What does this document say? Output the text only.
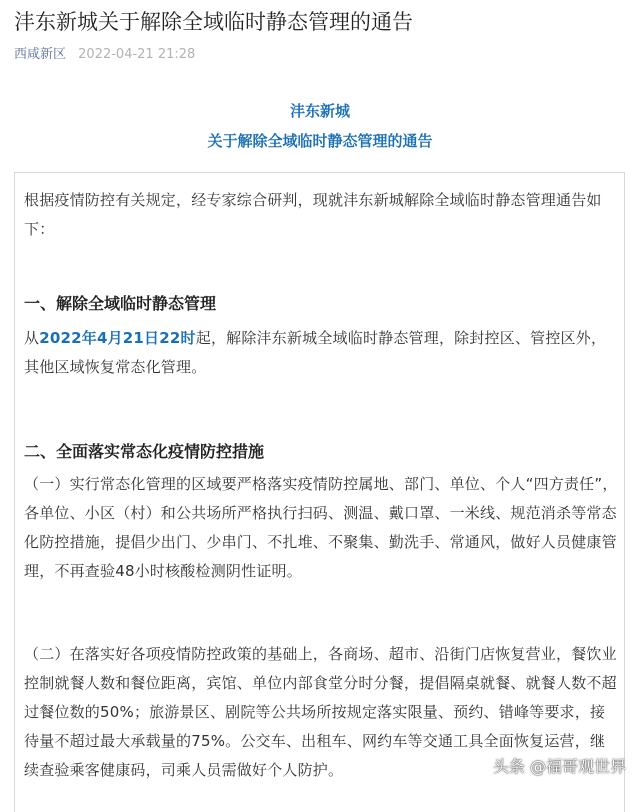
沣东新城关于解除全域临时静态管理的通告
西咸新区 2022-04-21 21:28
沣东新城
关于解除全域临时静态管理的通告

根据疫情防控有关规定，经专家综合研判，现就沣东新城解除全域临时静态管理通告如下：

一、解除全域临时静态管理

从2022年4月21日22时起，解除沣东新城全域临时静态管理，除封控区、管控区外，其他区域恢复常态化管理。

二、全面落实常态化疫情防控措施

（一）实行常态化管理的区域要严格落实疫情防控属地、部门、单位、个人“四方责任”，各单位、小区（村）和公共场所严格执行扫码、测温、戴口罩、一米线、规范消杀等常态化防控措施，提倡少出门、少串门、不扎堆、不聚集、勤洗手、常通风，做好人员健康管理，不再查验48小时核酸检测阴性证明。

（二）在落实好各项疫情防控政策的基础上，各商场、超市、沿街门店恢复营业，餐饮业控制就餐人数和餐位距离，宾馆、单位内部食堂分时分餐，提倡隔桌就餐、就餐人数不超过餐位数的50%；旅游景区、剧院等公共场所按规定落实限量、预约、错峰等要求，接待量不超过最大承载量的75%。公交车、出租车、网约车等交通工具全面恢复运营，继续查验乘客健康码，司乘人员需做好个人防护。	头条 @福哥观世界
